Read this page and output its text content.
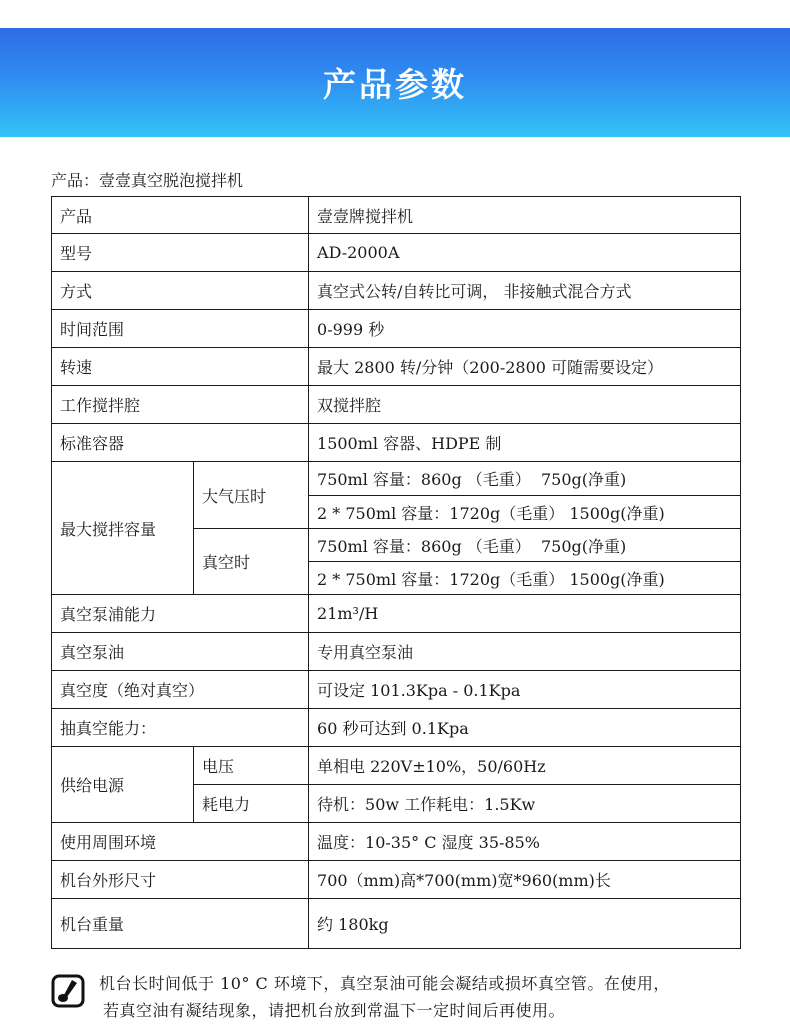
产品参数
产品：壹壹真空脱泡搅拌机
产品		壹壹牌搅拌机
型号		AD-2000A
方式		真空式公转/自转比可调， 非接触式混合方式
时间范围		0-999 秒
转速		最大 2800 转/分钟（200-2800 可随需要设定）
工作搅拌腔		双搅拌腔
标准容器		1500ml 容器、HDPE 制
最大搅拌容量	大气压时	750ml 容量：860g （毛重）  750g(净重)
		2 * 750ml 容量：1720g（毛重） 1500g(净重)
	真空时	750ml 容量：860g （毛重）  750g(净重)
		2 * 750ml 容量：1720g（毛重） 1500g(净重)
真空泵浦能力		21m³/H
真空泵油		专用真空泵油
真空度（绝对真空）		可设定 101.3Kpa - 0.1Kpa
抽真空能力：		60 秒可达到 0.1Kpa
供给电源	电压	单相电 220V±10%，50/60Hz
	耗电力	待机：50w 工作耗电：1.5Kw
使用周围环境		温度：10-35° C 湿度 35-85%
机台外形尺寸		700（mm)高*700(mm)宽*960(mm)长
机台重量		约 180kg
机台长时间低于 10° C 环境下，真空泵油可能会凝结或损坏真空管。在使用，
若真空油有凝结现象，请把机台放到常温下一定时间后再使用。
